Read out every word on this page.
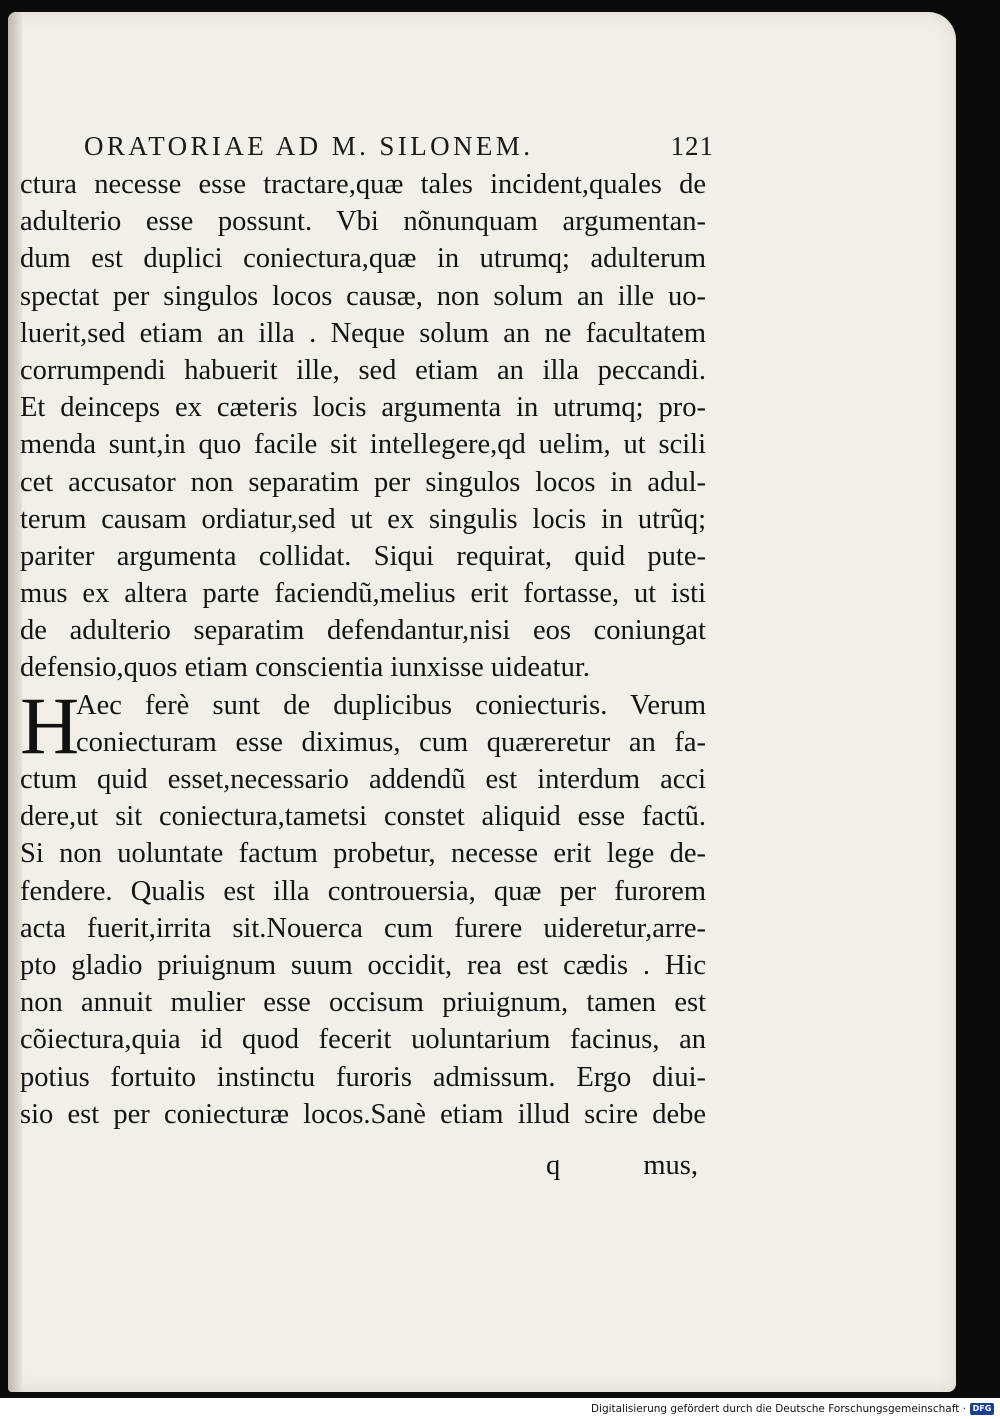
ORATORIAE AD M. SILONEM.	121
ctura necesse esse tractare,quæ tales incident,quales de
adulterio esse possunt. Vbi nõnunquam argumentan-
dum est duplici coniectura,quæ in utrumq; adulterum
spectat per singulos locos causæ, non solum an ille uo-
luerit,sed etiam an illa . Neque solum an ne facultatem
corrumpendi habuerit ille, sed etiam an illa peccandi.
Et deinceps ex cæteris locis argumenta in utrumq; pro-
menda sunt,in quo facile sit intellegere,qd uelim, ut scili
cet accusator non separatim per singulos locos in adul-
terum causam ordiatur,sed ut ex singulis locis in utrũq;
pariter argumenta collidat. Siqui requirat, quid pute-
mus ex altera parte faciendũ,melius erit fortasse, ut isti
de adulterio separatim defendantur,nisi eos coniungat
defensio,quos etiam conscientia iunxisse uideatur.
H
Aec ferè sunt de duplicibus coniecturis. Verum
coniecturam esse diximus, cum quæreretur an fa-
ctum quid esset,necessario addendũ est interdum acci
dere,ut sit coniectura,tametsi constet aliquid esse factũ.
Si non uoluntate factum probetur, necesse erit lege de-
fendere. Qualis est illa controuersia, quæ per furorem
acta fuerit,irrita sit.Nouerca cum furere uideretur,arre-
pto gladio priuignum suum occidit, rea est cædis . Hic
non annuit mulier esse occisum priuignum, tamen est
cõiectura,quia id quod fecerit uoluntarium facinus, an
potius fortuito instinctu furoris admissum. Ergo diui-
sio est per coniecturæ locos.Sanè etiam illud scire debe
q	mus,
Digitalisierung gefördert durch die Deutsche Forschungsgemeinschaft · DFG
